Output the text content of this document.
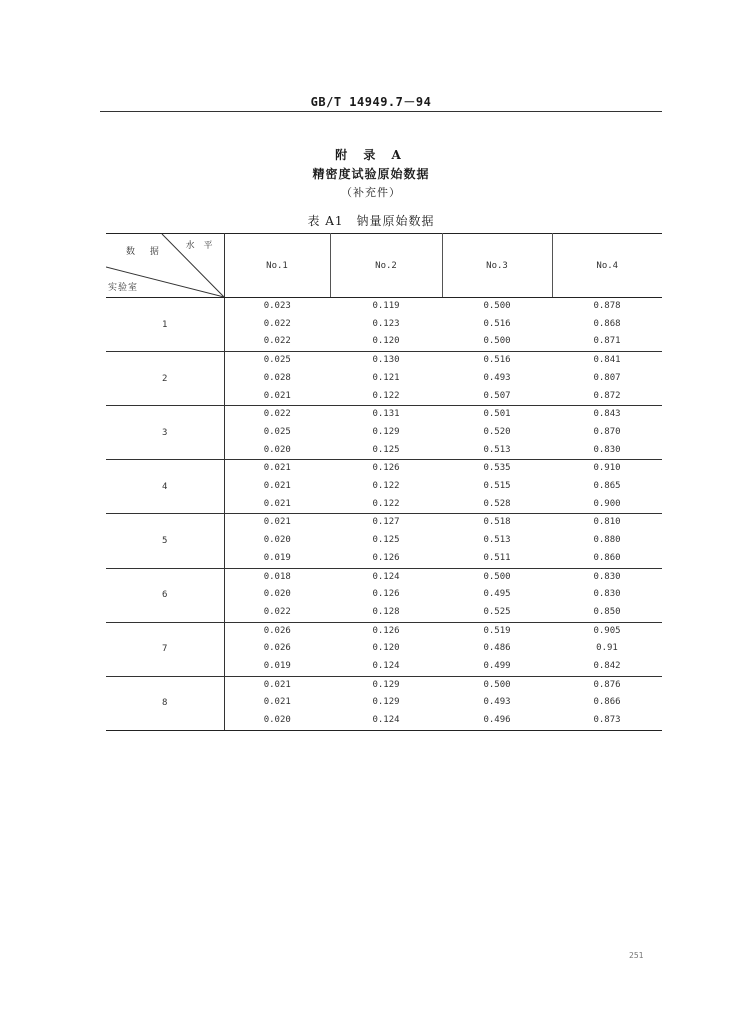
GB/T 14949.7－94
附 录 A
精密度试验原始数据
（补充件）
表 A1　钠量原始数据
水 平
数 据
实验室	No.1	No.2	No.3	No.4
1	0.023	0.119	0.500	0.878
	0.022	0.123	0.516	0.868
	0.022	0.120	0.500	0.871
2	0.025	0.130	0.516	0.841
	0.028	0.121	0.493	0.807
	0.021	0.122	0.507	0.872
3	0.022	0.131	0.501	0.843
	0.025	0.129	0.520	0.870
	0.020	0.125	0.513	0.830
4	0.021	0.126	0.535	0.910
	0.021	0.122	0.515	0.865
	0.021	0.122	0.528	0.900
5	0.021	0.127	0.518	0.810
	0.020	0.125	0.513	0.880
	0.019	0.126	0.511	0.860
6	0.018	0.124	0.500	0.830
	0.020	0.126	0.495	0.830
	0.022	0.128	0.525	0.850
7	0.026	0.126	0.519	0.905
	0.026	0.120	0.486	0.91
	0.019	0.124	0.499	0.842
8	0.021	0.129	0.500	0.876
	0.021	0.129	0.493	0.866
	0.020	0.124	0.496	0.873
251
